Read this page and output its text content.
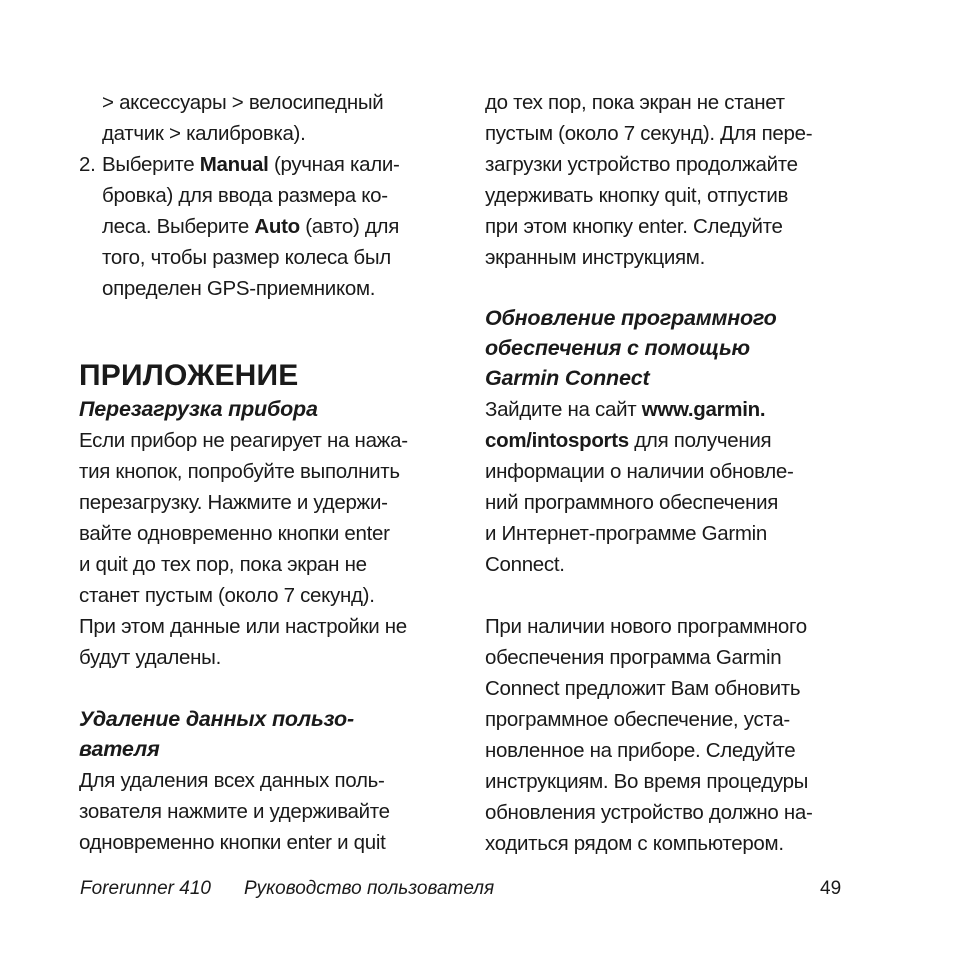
> аксессуары > велосипедный
датчик > калибровка).
2. Выберите Manual (ручная кали-
бровка) для ввода размера ко-
леса. Выберите Auto (авто) для
того, чтобы размер колеса был
определен GPS-приемником.
ПРИЛОЖЕНИЕ
Перезагрузка прибора
Если прибор не реагирует на нажа-
тия кнопок, попробуйте выполнить
перезагрузку. Нажмите и удержи-
вайте одновременно кнопки enter
и quit до тех пор, пока экран не
станет пустым (около 7 секунд).
При этом данные или настройки не
будут удалены.
Удаление данных пользо-
вателя
Для удаления всех данных поль-
зователя нажмите и удерживайте
одновременно кнопки enter и quit
до тех пор, пока экран не станет
пустым (около 7 секунд). Для пере-
загрузки устройство продолжайте
удерживать кнопку quit, отпустив
при этом кнопку enter. Следуйте
экранным инструкциям.
Обновление программного
обеспечения с помощью
Garmin Connect
Зайдите на сайт www.garmin.
com/intosports для получения
информации о наличии обновле-
ний программного обеспечения
и Интернет-программе Garmin
Connect.
При наличии нового программного
обеспечения программа Garmin
Connect предложит Вам обновить
программное обеспечение, уста-
новленное на приборе. Следуйте
инструкциям. Во время процедуры
обновления устройство должно на-
ходиться рядом с компьютером.
Forerunner 410 Руководство пользователя	49
